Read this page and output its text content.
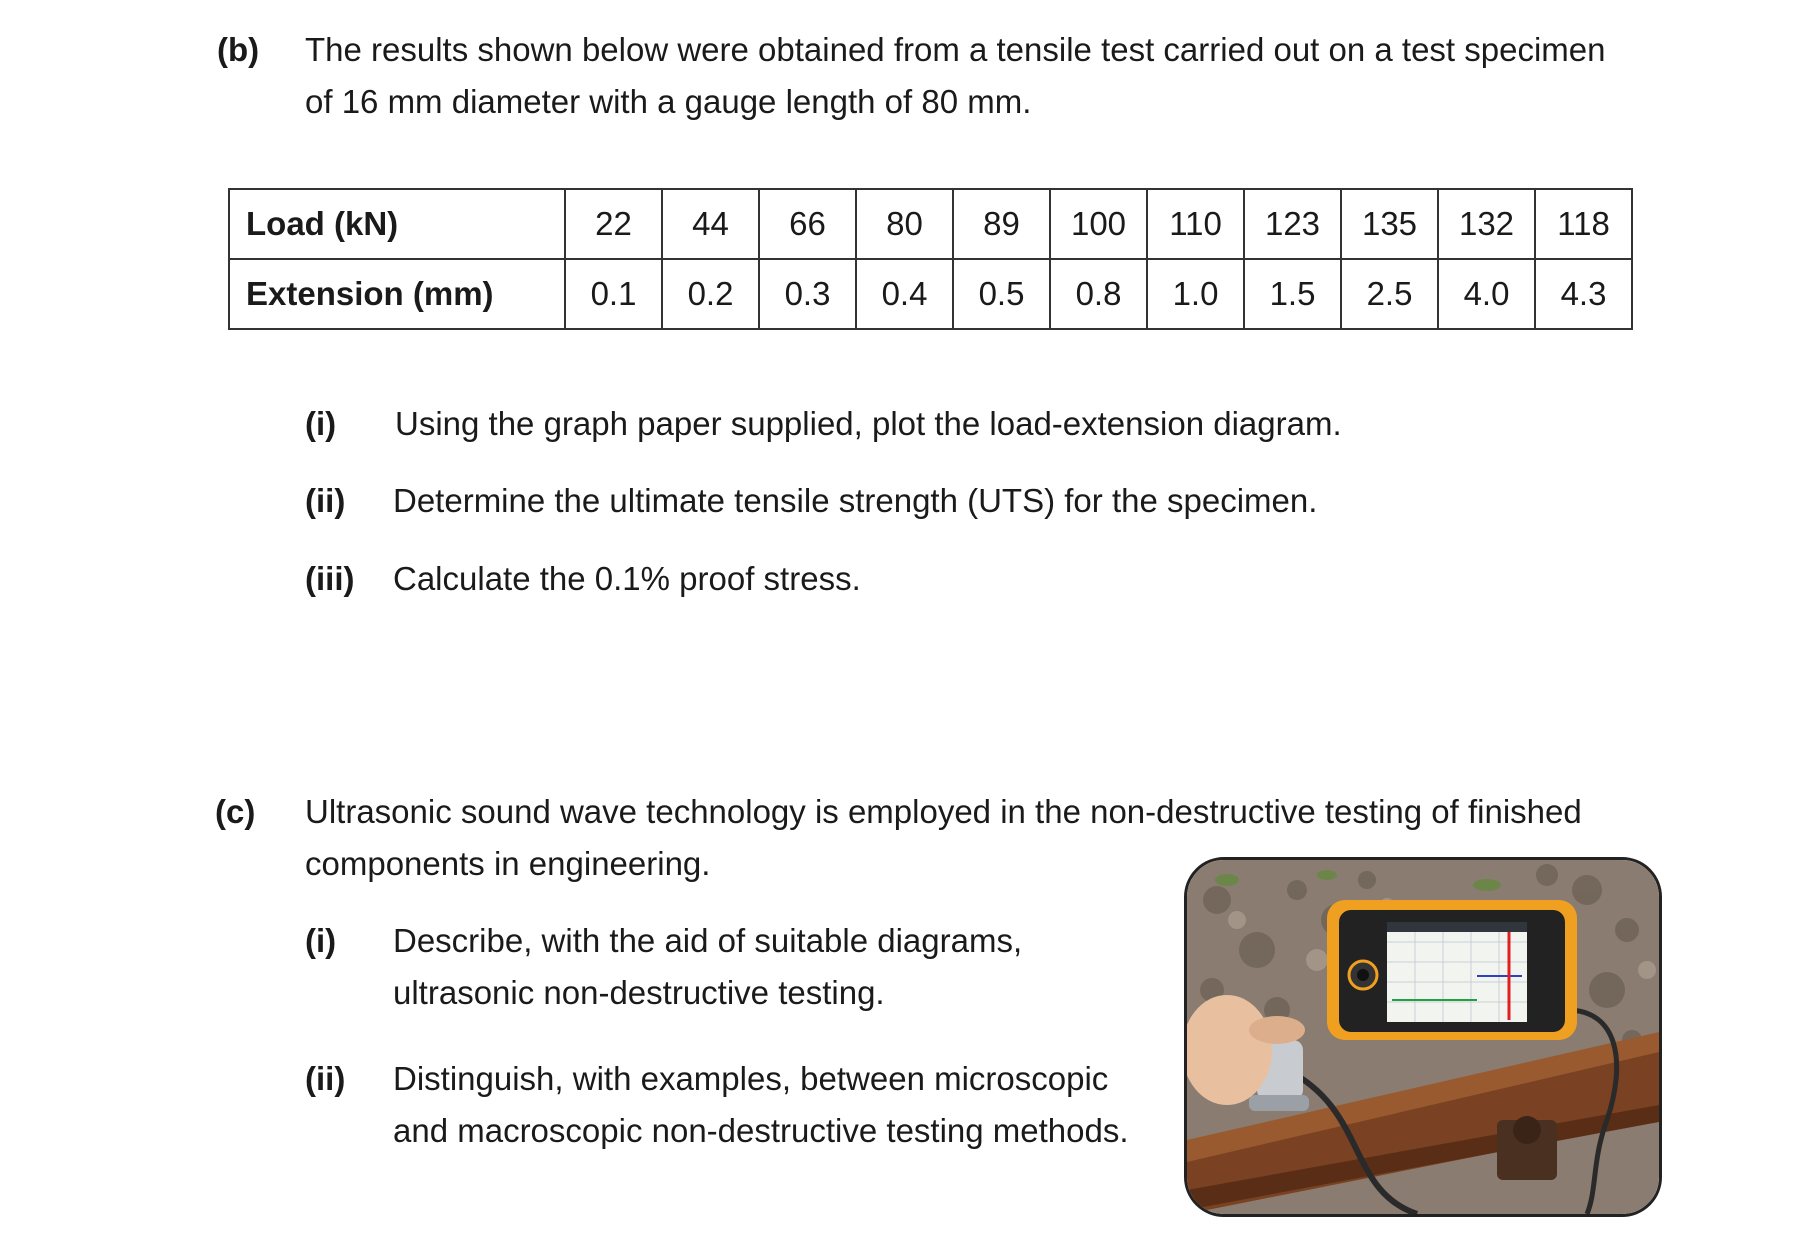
(b) The results shown below were obtained from a tensile test carried out on a test specimen
of 16 mm diameter with a gauge length of 80 mm.
Load (kN)	22	44	66	80	89	100	110	123	135	132	118
Extension (mm)	0.1	0.2	0.3	0.4	0.5	0.8	1.0	1.5	2.5	4.0	4.3
(i) Using the graph paper supplied, plot the load-extension diagram.
(ii) Determine the ultimate tensile strength (UTS) for the specimen.
(iii) Calculate the 0.1% proof stress.
(c) Ultrasonic sound wave technology is employed in the non-destructive testing of finished
components in engineering.
(i) Describe, with the aid of suitable diagrams,
ultrasonic non-destructive testing.
(ii) Distinguish, with examples, between microscopic
and macroscopic non-destructive testing methods.
USM Go
